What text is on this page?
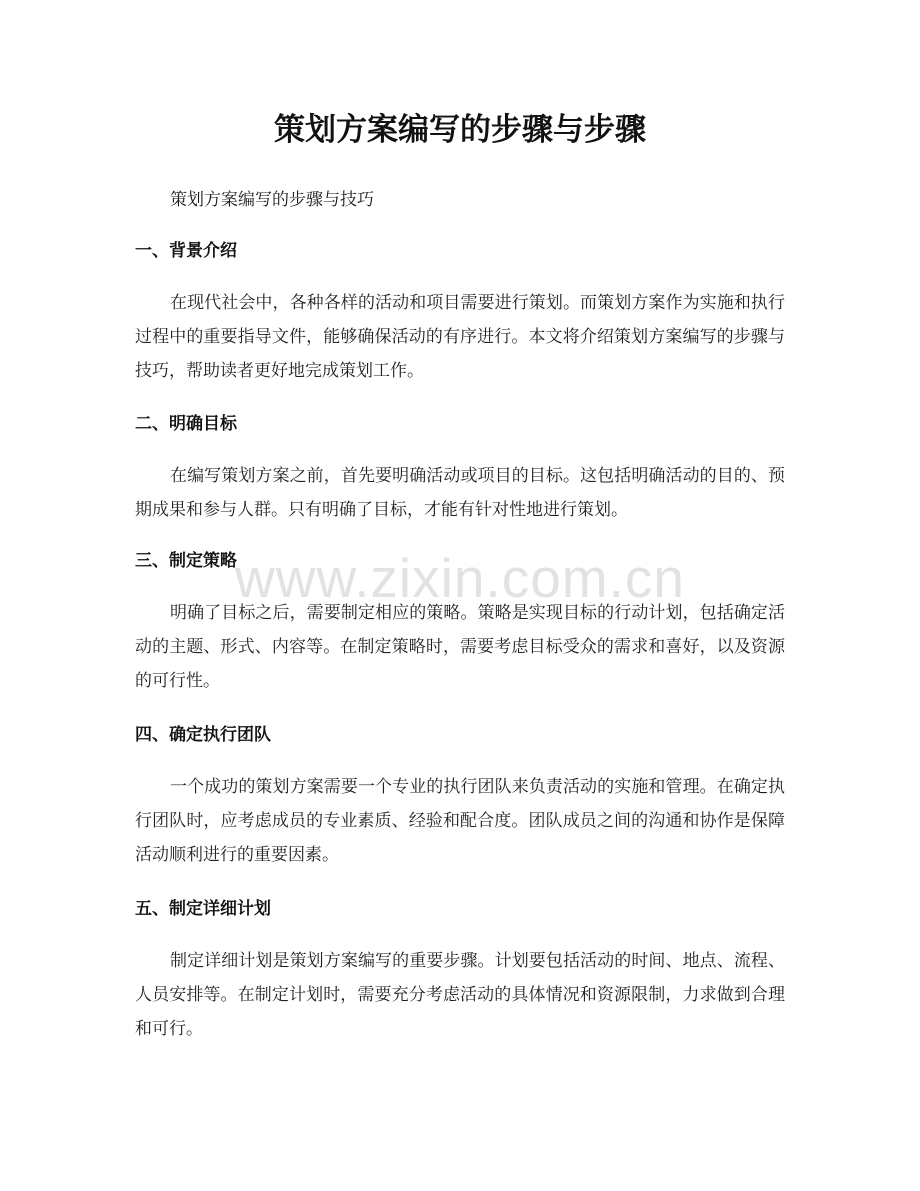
策划方案编写的步骤与步骤

策划方案编写的步骤与技巧

一、背景介绍

在现代社会中，各种各样的活动和项目需要进行策划。而策划方案作为实施和执行过程中的重要指导文件，能够确保活动的有序进行。本文将介绍策划方案编写的步骤与技巧，帮助读者更好地完成策划工作。

二、明确目标

在编写策划方案之前，首先要明确活动或项目的目标。这包括明确活动的目的、预期成果和参与人群。只有明确了目标，才能有针对性地进行策划。

三、制定策略

明确了目标之后，需要制定相应的策略。策略是实现目标的行动计划，包括确定活动的主题、形式、内容等。在制定策略时，需要考虑目标受众的需求和喜好，以及资源的可行性。

四、确定执行团队

一个成功的策划方案需要一个专业的执行团队来负责活动的实施和管理。在确定执行团队时，应考虑成员的专业素质、经验和配合度。团队成员之间的沟通和协作是保障活动顺利进行的重要因素。

五、制定详细计划

制定详细计划是策划方案编写的重要步骤。计划要包括活动的时间、地点、流程、人员安排等。在制定计划时，需要充分考虑活动的具体情况和资源限制，力求做到合理和可行。

www.zixin.com.cn
